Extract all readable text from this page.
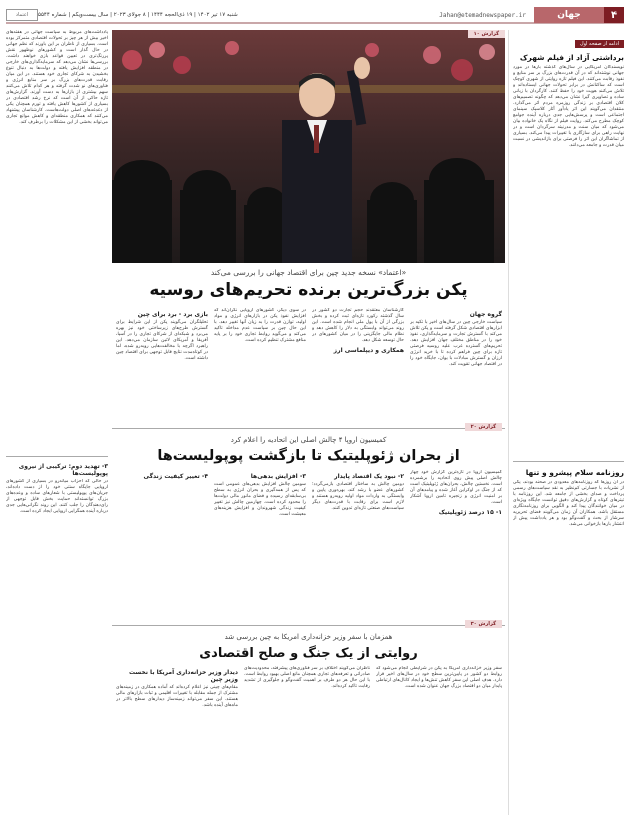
۴
جهان
Jahan@etemadnewspaper.ir
شنبه ۱۷ تیر ۱۴۰۲ | ۱۹ ذی‌الحجه ۱۴۴۴ | ۸ جولای ۲۰۲۳ | سال بیست‌ویکم | شماره ۵۵۴۴
اعتماد
ادامه از صفحه اول
برداشتی آزاد از فیلم شهرک

نویسندگان آمریکایی در سال‌های گذشته بارها در مورد جهانی نوشته‌اند که در آن قدرت‌های بزرگ بر سر منابع و نفوذ رقابت می‌کنند. این فیلم تازه روایتی از شهری کوچک است که ساکنانش در برابر تحولات جهانی ایستاده‌اند و تلاش می‌کنند هویت خود را حفظ کنند. کارگردان با زبانی ساده و تصاویری گیرا نشان می‌دهد که چگونه تصمیم‌های کلان اقتصادی بر زندگی روزمره مردم اثر می‌گذارد. منتقدان می‌گویند این اثر یادآور آثار کلاسیک سینمای اجتماعی است و پرسش‌هایی جدی درباره آینده جوامع کوچک مطرح می‌کند. روایت فیلم از نگاه یک خانواده بیان می‌شود که میان سنت و مدرنیته سرگردان است و در نهایت راهی برای سازگاری با تغییرات پیدا می‌کند. بسیاری از تماشاگران این اثر را فرصتی برای بازاندیشی در نسبت میان قدرت و جامعه می‌دانند.

روزنامه سلام پیشرو و تنها

در آن روزها که روزنامه‌های معدودی در صحنه بودند، یکی از نشریات با جسارتی کم‌نظیر به نقد سیاست‌های رسمی پرداخت و صدای بخشی از جامعه شد. این روزنامه با تیتر‌های کوتاه و گزارش‌های دقیق توانست جایگاه ویژه‌ای در میان خوانندگان پیدا کند و الگویی برای روزنامه‌نگاری مستقل باشد. همکاران آن زمان می‌گویند فضای تحریریه سرشار از بحث و گفت‌وگو بود و هر یادداشت پیش از انتشار بارها بازخوانی می‌شد.

گزارش ۱۰
«اعتماد» نسخه جدید چین برای اقتصاد جهانی را بررسی می‌کند
پکن بزرگ‌ترین برنده تحریم‌های روسیه
گروه جهان

سیاست خارجی چین در سال‌های اخیر با تکیه بر ابزارهای اقتصادی شکل گرفته است و پکن تلاش می‌کند با گسترش تجارت و سرمایه‌گذاری، نفوذ خود را در مناطق مختلف جهان افزایش دهد. تحریم‌های گسترده غرب علیه روسیه فرصتی تازه برای چین فراهم کرده تا با خرید انرژی ارزان و گسترش مبادلات با یوان، جایگاه خود را در اقتصاد جهانی تقویت کند.

کارشناسان معتقدند حجم تجارت دو کشور در سال گذشته رکورد تازه‌ای ثبت کرده و بخش بزرگی از آن با پول ملی انجام شده است. این روند می‌تواند وابستگی به دلار را کاهش دهد و نظام مالی جایگزینی را در میان کشورهای در حال توسعه شکل دهد.

همکاری و دیپلماسی ارز

در سوی دیگر، کشورهای اروپایی نگران‌اند که افزایش نفوذ پکن در بازارهای انرژی و مواد اولیه، توازن قدرت را به زیان آنها تغییر دهد. با این حال چین بر سیاست عدم مداخله تاکید می‌کند و می‌گوید روابط تجاری خود را بر پایه منافع مشترک تنظیم کرده است.

بازی برد - برد برای چین

تحلیلگران می‌گویند پکن از این شرایط برای گسترش طرح‌های زیرساختی خود نیز بهره می‌برد و شبکه‌ای از شرکای تجاری را در آسیا، آفریقا و آمریکای لاتین سازمان می‌دهد. این راهبرد اگرچه با مخالفت‌هایی روبه‌رو شده، اما در کوتاه‌مدت نتایج قابل توجهی برای اقتصاد چین داشته است.

گزارش ۲۰
کمیسیون اروپا ۴ چالش اصلی این اتحادیه را اعلام کرد
از بحران ژئوپلیتیک تا بازگشت پوپولیست‌ها

کمیسیون اروپا در تازه‌ترین گزارش خود چهار چالش اصلی پیش روی اتحادیه را برشمرده است. نخستین چالش، بحران‌های ژئوپلیتیک است که از جنگ در اوکراین آغاز شده و پیامدهای آن بر امنیت انرژی و زنجیره تامین اروپا آشکار است.

۱- ۱۵ درصد ژئوپلیتیک
۲- نبود یک اقتصاد پایدار

دومین چالش به ساختار اقتصادی بازمی‌گردد؛ کشورهای عضو با رشد کند، بهره‌وری پایین و وابستگی به واردات مواد اولیه روبه‌رو هستند و لازم است برای رقابت با قدرت‌های دیگر سیاست‌های صنعتی تازه‌ای تدوین کنند.

۳- افزایش بدهی‌ها

سومین چالش افزایش بدهی‌های عمومی است که پس از همه‌گیری و بحران انرژی به سطح بی‌سابقه‌ای رسیده و فضای مانور مالی دولت‌ها را محدود کرده است. چهارمین چالش نیز تغییر کیفیت زندگی شهروندان و افزایش هزینه‌های معیشت است.

۴- تغییر کیفیت زندگی
گزارش ۳۰
همزمان با سفر وزیر خزانه‌داری امریکا به چین بررسی شد
روایتی از یک جنگ و صلح اقتصادی

سفر وزیر خزانه‌داری آمریکا به پکن در شرایطی انجام می‌شود که روابط دو کشور در پایین‌ترین سطح خود در سال‌های اخیر قرار دارد. هدف اصلی این سفر کاهش تنش‌ها و ایجاد کانال‌های ارتباطی پایدار میان دو اقتصاد بزرگ جهان عنوان شده است.

ناظران می‌گویند اختلاف بر سر فناوری‌های پیشرفته، محدودیت‌های صادراتی و تعرفه‌های تجاری همچنان مانع اصلی بهبود روابط است. با این حال هر دو طرف بر اهمیت گفت‌وگو و جلوگیری از تشدید رقابت تاکید کرده‌اند.

دیدار وزیر خزانه‌داری آمریکا با نخست وزیر چین

مقام‌های چینی نیز اعلام کرده‌اند که آماده همکاری در زمینه‌های مشترک از جمله مقابله با تغییرات اقلیمی و ثبات بازارهای مالی هستند. این سفر می‌تواند زمینه‌ساز دیدارهای سطح بالاتر در ماه‌های آینده باشد.

یادداشت‌های مربوط به سیاست جهانی در هفته‌های اخیر بیش از هر چیز بر تحولات اقتصادی متمرکز بوده است. بسیاری از ناظران بر این باورند که نظم جهانی در حال گذار است و کشورهای نوظهور نقش پررنگ‌تری در تعیین قواعد بازی خواهند داشت. بررسی‌ها نشان می‌دهد که سرمایه‌گذاری‌های خارجی در منطقه افزایش یافته و دولت‌ها به دنبال تنوع بخشیدن به شرکای تجاری خود هستند. در این میان رقابت قدرت‌های بزرگ بر سر منابع انرژی و فناوری‌های نو شدت گرفته و هر کدام تلاش می‌کنند سهم بیشتری از بازارها به دست آورند. گزارش‌های تازه حاکی از آن است که نرخ رشد اقتصادی در بسیاری از کشورها کاهش یافته و تورم همچنان یکی از دغدغه‌های اصلی دولت‌هاست. کارشناسان پیشنهاد می‌کنند که همکاری منطقه‌ای و کاهش موانع تجاری می‌تواند بخشی از این مشکلات را برطرف کند.

۳- تهدید دوم: ترکیبی از نیروی پوپولیست‌ها

در حالی که احزاب میانه‌رو در بسیاری از کشورهای اروپایی جایگاه سنتی خود را از دست داده‌اند، جریان‌های پوپولیستی با شعارهای ساده و وعده‌های بزرگ توانسته‌اند حمایت بخش قابل توجهی از رای‌دهندگان را جلب کنند. این روند نگرانی‌هایی جدی درباره آینده همگرایی اروپایی ایجاد کرده است.
